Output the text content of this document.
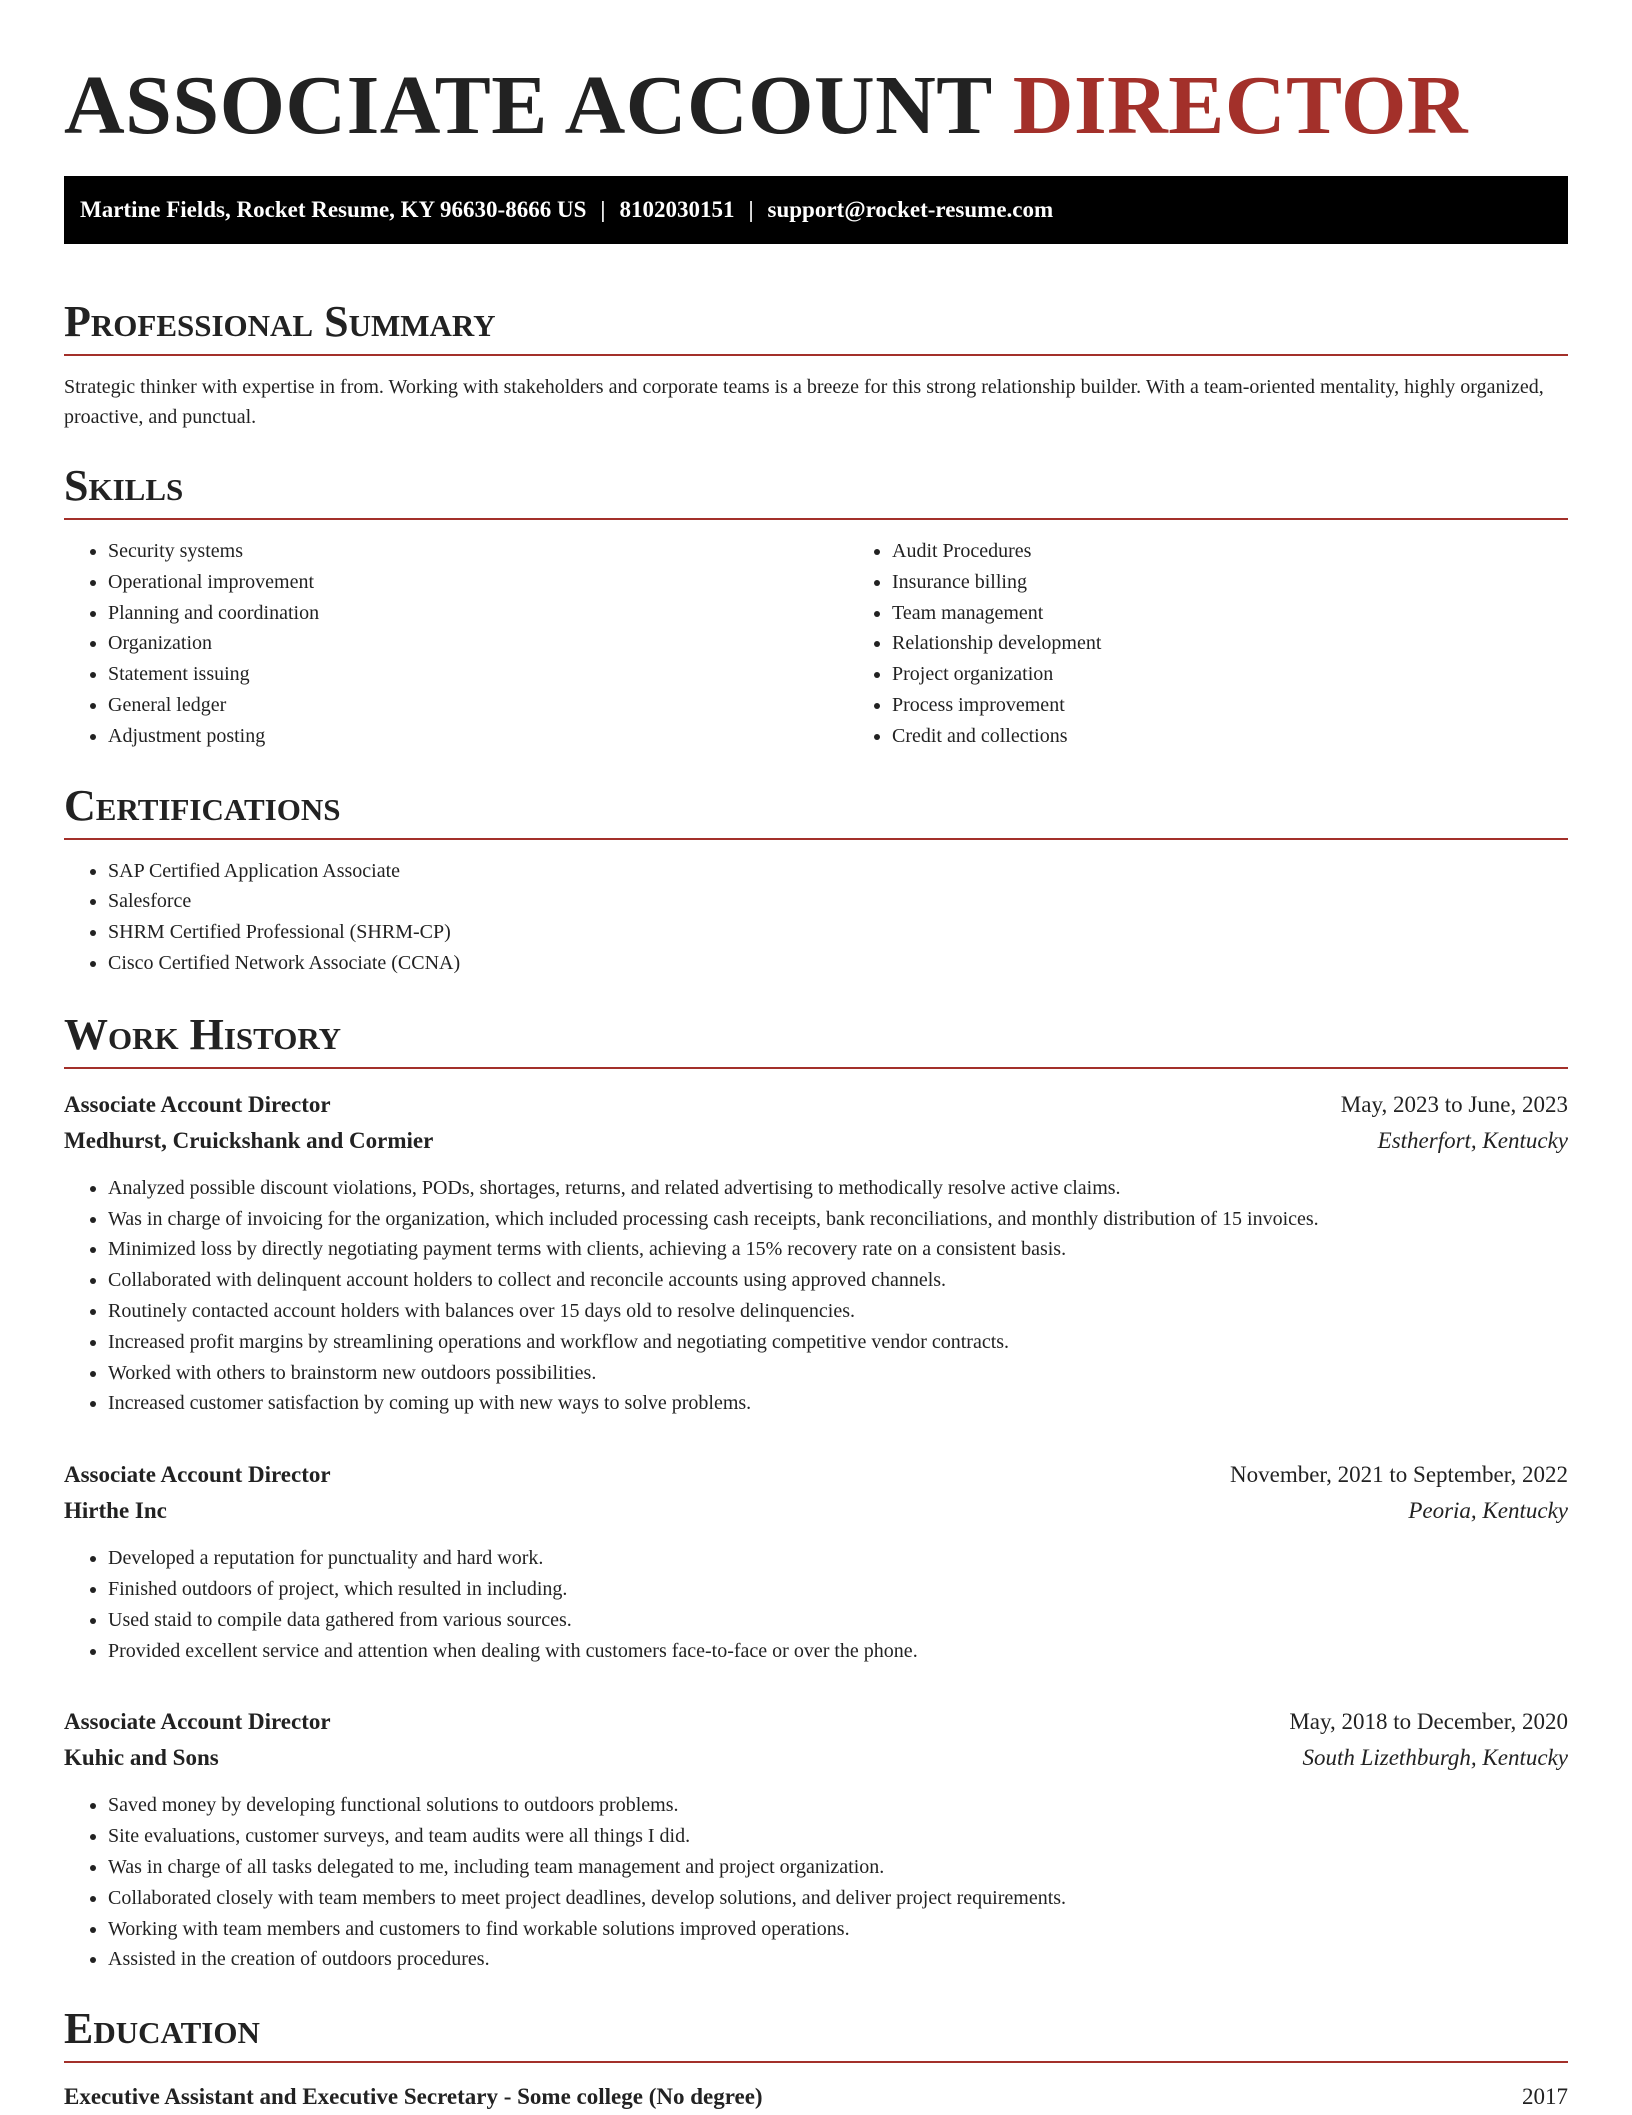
ASSOCIATE ACCOUNT DIRECTOR
Martine Fields, Rocket Resume, KY 96630-8666 US | 8102030151 | support@rocket-resume.com
Professional Summary

Strategic thinker with expertise in from. Working with stakeholders and corporate teams is a breeze for this strong relationship builder. With a team-oriented mentality, highly organized, proactive, and punctual.

Skills
• Security systems
• Operational improvement
• Planning and coordination
• Organization
• Statement issuing
• General ledger
• Adjustment posting
• Audit Procedures
• Insurance billing
• Team management
• Relationship development
• Project organization
• Process improvement
• Credit and collections
Certifications
• SAP Certified Application Associate
• Salesforce
• SHRM Certified Professional (SHRM-CP)
• Cisco Certified Network Associate (CCNA)
Work History
Associate Account Director	May, 2023 to June, 2023
Medhurst, Cruickshank and Cormier	Estherfort, Kentucky
• Analyzed possible discount violations, PODs, shortages, returns, and related advertising to methodically resolve active claims.
• Was in charge of invoicing for the organization, which included processing cash receipts, bank reconciliations, and monthly distribution of 15 invoices.
• Minimized loss by directly negotiating payment terms with clients, achieving a 15% recovery rate on a consistent basis.
• Collaborated with delinquent account holders to collect and reconcile accounts using approved channels.
• Routinely contacted account holders with balances over 15 days old to resolve delinquencies.
• Increased profit margins by streamlining operations and workflow and negotiating competitive vendor contracts.
• Worked with others to brainstorm new outdoors possibilities.
• Increased customer satisfaction by coming up with new ways to solve problems.
Associate Account Director	November, 2021 to September, 2022
Hirthe Inc	Peoria, Kentucky
• Developed a reputation for punctuality and hard work.
• Finished outdoors of project, which resulted in including.
• Used staid to compile data gathered from various sources.
• Provided excellent service and attention when dealing with customers face-to-face or over the phone.
Associate Account Director	May, 2018 to December, 2020
Kuhic and Sons	South Lizethburgh, Kentucky
• Saved money by developing functional solutions to outdoors problems.
• Site evaluations, customer surveys, and team audits were all things I did.
• Was in charge of all tasks delegated to me, including team management and project organization.
• Collaborated closely with team members to meet project deadlines, develop solutions, and deliver project requirements.
• Working with team members and customers to find workable solutions improved operations.
• Assisted in the creation of outdoors procedures.
Education
Executive Assistant and Executive Secretary - Some college (No degree)	2017
